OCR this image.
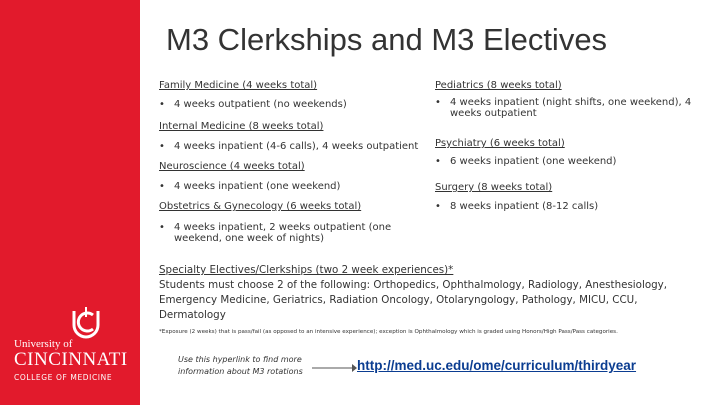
University of
CINCINNATI
COLLEGE OF MEDICINE
M3 Clerkships and M3 Electives
Family Medicine (4 weeks total)
• 4 weeks outpatient (no weekends)
Internal Medicine (8 weeks total)
• 4 weeks inpatient (4-6 calls), 4 weeks outpatient
Neuroscience (4 weeks total)
• 4 weeks inpatient (one weekend)
Obstetrics & Gynecology (6 weeks total)
• 4 weeks inpatient, 2 weeks outpatient (one weekend, one week of nights)
Pediatrics (8 weeks total)
• 4 weeks inpatient (night shifts, one weekend), 4 weeks outpatient
Psychiatry (6 weeks total)
• 6 weeks inpatient (one weekend)
Surgery (8 weeks total)
• 8 weeks inpatient (8-12 calls)
Specialty Electives/Clerkships (two 2 week experiences)*
Students must choose 2 of the following: Orthopedics, Ophthalmology, Radiology, Anesthesiology, Emergency Medicine, Geriatrics, Radiation Oncology, Otolaryngology, Pathology, MICU, CCU, Dermatology
*Exposure (2 weeks) that is pass/fail (as opposed to an intensive experience); exception is Ophthalmology which is graded using Honors/High Pass/Pass categories.
Use this hyperlink to find more information about M3 rotations	http://med.uc.edu/ome/curriculum/thirdyear
